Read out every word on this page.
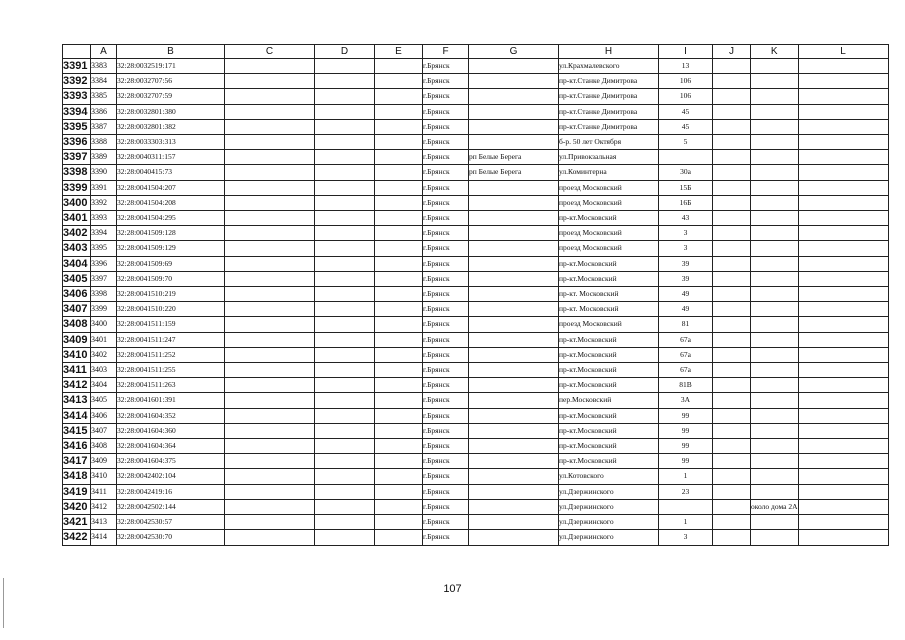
	A	B	C	D	E	F	G	H	I	J	K	L
3391	3383	32:28:0032519:171				г.Брянск		ул.Крахмалевского	13			
3392	3384	32:28:0032707:56				г.Брянск		пр-кт.Станке Димитрова	106			
3393	3385	32:28:0032707:59				г.Брянск		пр-кт.Станке Димитрова	106			
3394	3386	32:28:0032801:380				г.Брянск		пр-кт.Станке Димитрова	45			
3395	3387	32:28:0032801:382				г.Брянск		пр-кт.Станке Димитрова	45			
3396	3388	32:28:0033303:313				г.Брянск		б-р. 50 лет Октября	5			
3397	3389	32:28:0040311:157				г.Брянск	рп Белые Берега	ул.Привокзальная				
3398	3390	32:28:0040415:73				г.Брянск	рп Белые Берега	ул.Коминтерна	30а			
3399	3391	32:28:0041504:207				г.Брянск		проезд Московский	15Б			
3400	3392	32:28:0041504:208				г.Брянск		проезд Московский	16Б			
3401	3393	32:28:0041504:295				г.Брянск		пр-кт.Московский	43			
3402	3394	32:28:0041509:128				г.Брянск		проезд Московский	3			
3403	3395	32:28:0041509:129				г.Брянск		проезд Московский	3			
3404	3396	32:28:0041509:69				г.Брянск		пр-кт.Московский	39			
3405	3397	32:28:0041509:70				г.Брянск		пр-кт.Московский	39			
3406	3398	32:28:0041510:219				г.Брянск		пр-кт. Московский	49			
3407	3399	32:28:0041510:220				г.Брянск		пр-кт. Московский	49			
3408	3400	32:28:0041511:159				г.Брянск		проезд Московский	81			
3409	3401	32:28:0041511:247				г.Брянск		пр-кт.Московский	67а			
3410	3402	32:28:0041511:252				г.Брянск		пр-кт.Московский	67а			
3411	3403	32:28:0041511:255				г.Брянск		пр-кт.Московский	67а			
3412	3404	32:28:0041511:263				г.Брянск		пр-кт.Московский	81В			
3413	3405	32:28:0041601:391				г.Брянск		пер.Московский	3А			
3414	3406	32:28:0041604:352				г.Брянск		пр-кт.Московский	99			
3415	3407	32:28:0041604:360				г.Брянск		пр-кт.Московский	99			
3416	3408	32:28:0041604:364				г.Брянск		пр-кт.Московский	99			
3417	3409	32:28:0041604:375				г.Брянск		пр-кт.Московский	99			
3418	3410	32:28:0042402:104				г.Брянск		ул.Котовского	1			
3419	3411	32:28:0042419:16				г.Брянск		ул.Дзержинского	23			
3420	3412	32:28:0042502:144				г.Брянск		ул.Дзержинского			около дома 2А	
3421	3413	32:28:0042530:57				г.Брянск		ул.Дзержинского	1			
3422	3414	32:28:0042530:70				г.Брянск		ул.Дзержинского	3			
107
